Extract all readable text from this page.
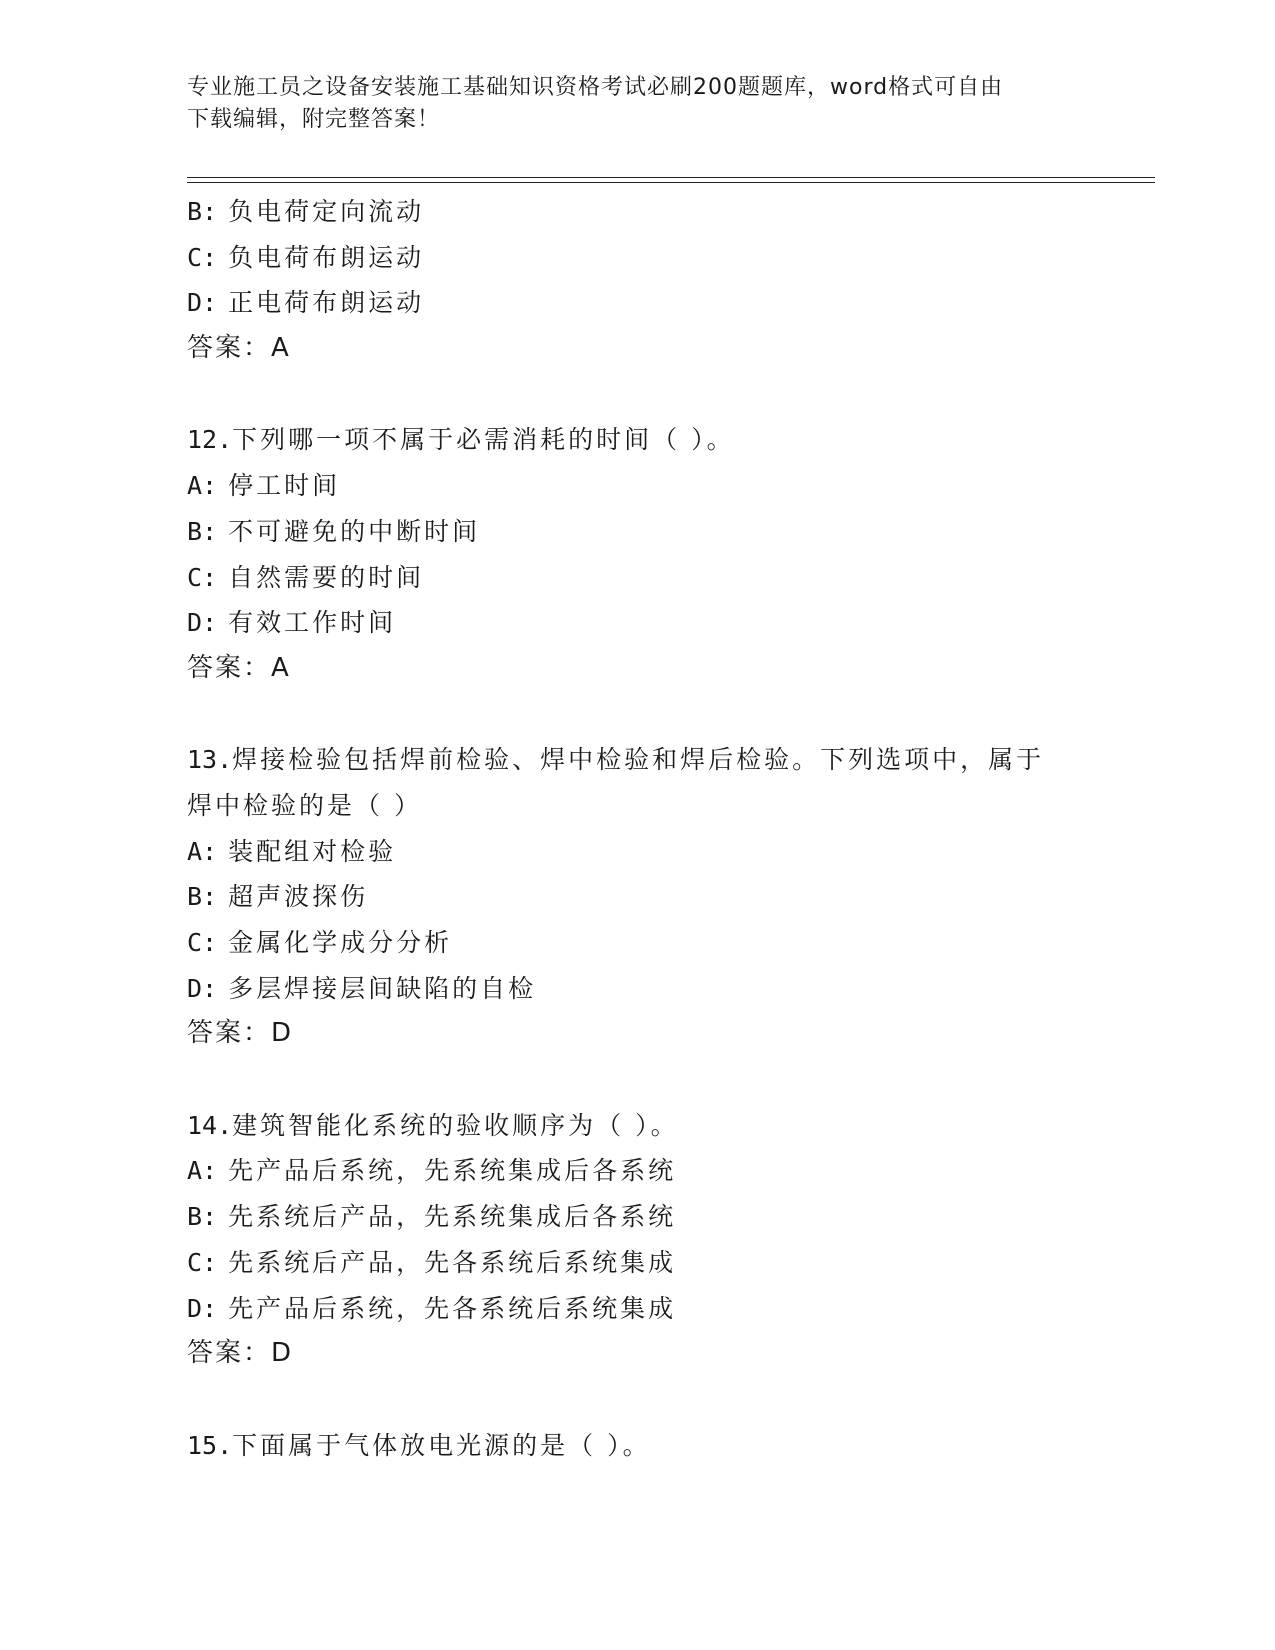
专业施工员之设备安装施工基础知识资格考试必刷200题题库，word格式可自由
下载编辑，附完整答案！
B: 负电荷定向流动
C: 负电荷布朗运动
D: 正电荷布朗运动
答案：A
12.下列哪一项不属于必需消耗的时间（ ）。
A: 停工时间
B: 不可避免的中断时间
C: 自然需要的时间
D: 有效工作时间
答案：A
13.焊接检验包括焊前检验、焊中检验和焊后检验。下列选项中，属于
焊中检验的是（ ）
A: 装配组对检验
B: 超声波探伤
C: 金属化学成分分析
D: 多层焊接层间缺陷的自检
答案：D
14.建筑智能化系统的验收顺序为（ ）。
A: 先产品后系统，先系统集成后各系统
B: 先系统后产品，先系统集成后各系统
C: 先系统后产品，先各系统后系统集成
D: 先产品后系统，先各系统后系统集成
答案：D
15.下面属于气体放电光源的是（ ）。
